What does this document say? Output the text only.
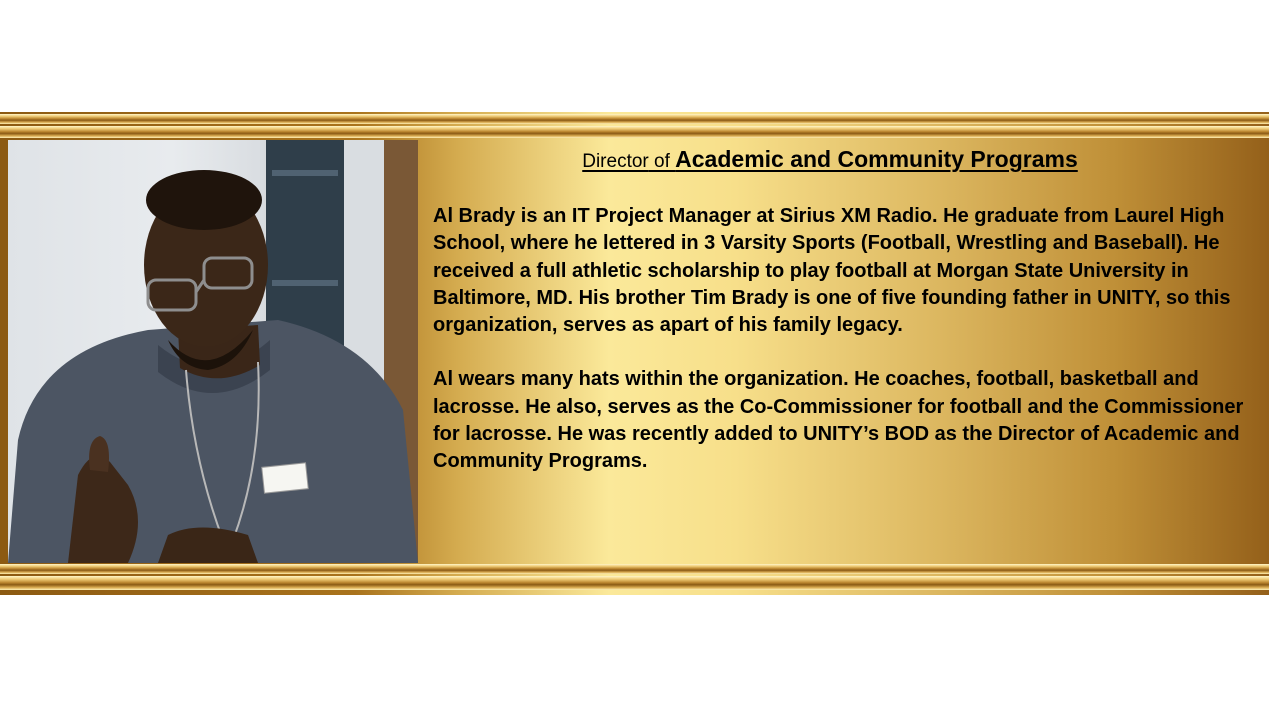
Director of Academic and Community Programs

Al Brady is an IT Project Manager at Sirius XM Radio. He graduate from Laurel High School, where he lettered in 3 Varsity Sports (Football, Wrestling and Baseball). He received a full athletic scholarship to play football at Morgan State University in Baltimore, MD. His brother Tim Brady is one of five founding father in UNITY, so this organization, serves as apart of his family legacy.

Al wears many hats within the organization. He coaches, football, basketball and lacrosse. He also, serves as the Co-Commissioner for football and the Commissioner for lacrosse. He was recently added to UNITY’s BOD as the Director of Academic and Community Programs.
